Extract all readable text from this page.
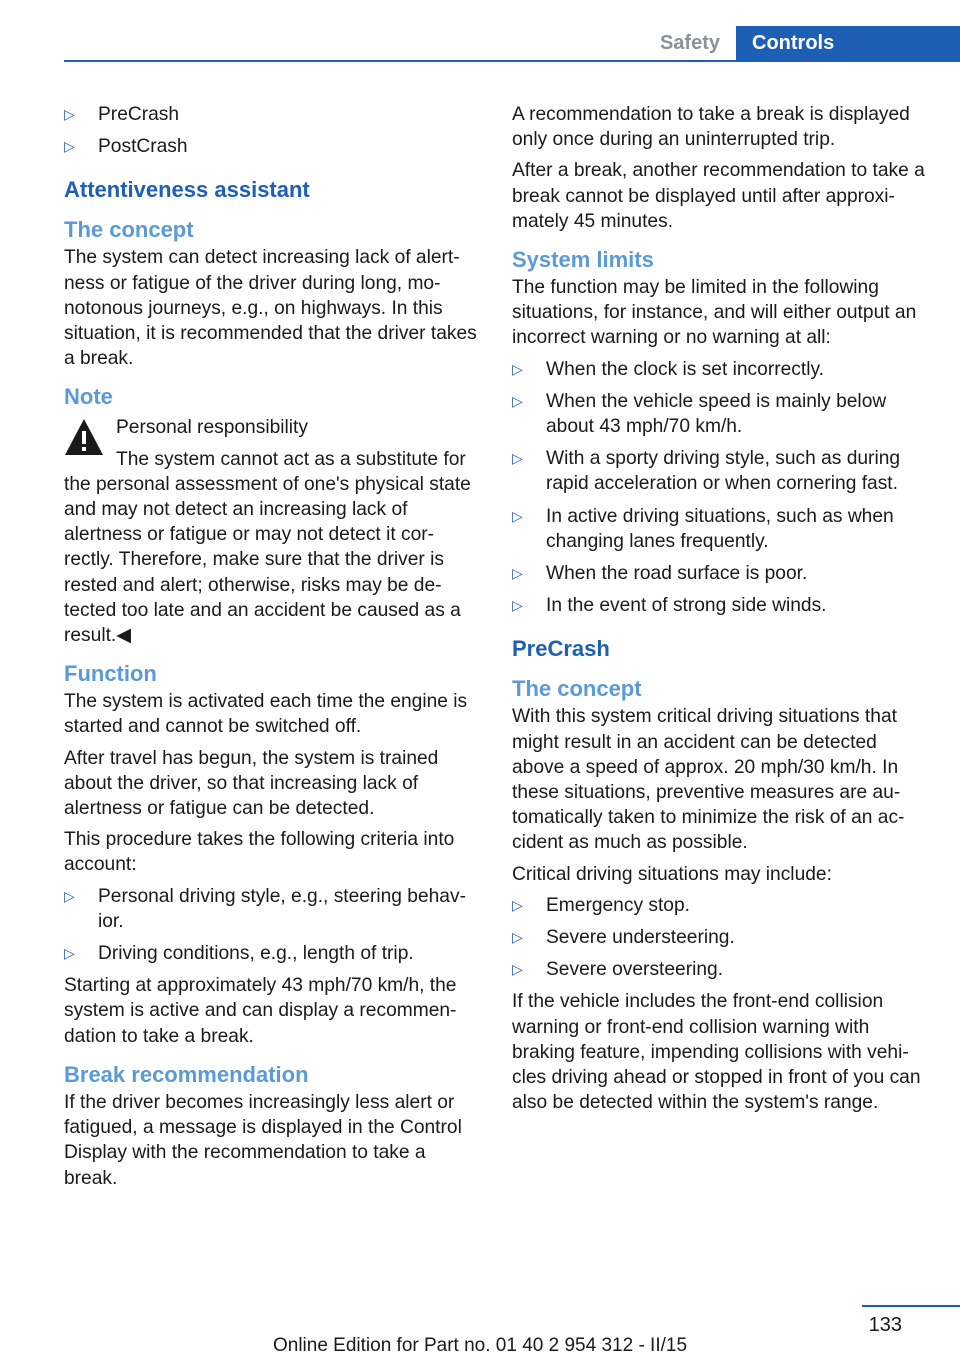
Safety	Controls
▷ PreCrash
▷ PostCrash
Attentiveness assistant
The concept

The system can detect increasing lack of alert‐ness or fatigue of the driver during long, mo‐notonous journeys, e.g., on highways. In this situation, it is recommended that the driver takes a break.

Note

Personal responsibility

The system cannot act as a substitute for the personal assessment of one's physical state and may not detect an increasing lack of alertness or fatigue or may not detect it cor‐rectly. Therefore, make sure that the driver is rested and alert; otherwise, risks may be de‐tected too late and an accident be caused as a result.◀

Function

The system is activated each time the engine is started and cannot be switched off.

After travel has begun, the system is trained about the driver, so that increasing lack of alertness or fatigue can be detected.

This procedure takes the following criteria into account:

▷ Personal driving style, e.g., steering behav‐ior.
▷ Driving conditions, e.g., length of trip.

Starting at approximately 43 mph/70 km/h, the system is active and can display a recommen‐dation to take a break.

Break recommendation

If the driver becomes increasingly less alert or fatigued, a message is displayed in the Control Display with the recommendation to take a break.

A recommendation to take a break is displayed only once during an uninterrupted trip.

After a break, another recommendation to take a break cannot be displayed until after approxi‐mately 45 minutes.

System limits

The function may be limited in the following situations, for instance, and will either output an incorrect warning or no warning at all:

▷ When the clock is set incorrectly.
▷ When the vehicle speed is mainly below about 43 mph/70 km/h.
▷ With a sporty driving style, such as during rapid acceleration or when cornering fast.
▷ In active driving situations, such as when changing lanes frequently.
▷ When the road surface is poor.
▷ In the event of strong side winds.
PreCrash
The concept

With this system critical driving situations that might result in an accident can be detected above a speed of approx. 20 mph/30 km/h. In these situations, preventive measures are au‐tomatically taken to minimize the risk of an ac‐cident as much as possible.

Critical driving situations may include:

▷ Emergency stop.
▷ Severe understeering.
▷ Severe oversteering.

If the vehicle includes the front-end collision warning or front-end collision warning with braking feature, impending collisions with vehi‐cles driving ahead or stopped in front of you can also be detected within the system's range.

133
Online Edition for Part no. 01 40 2 954 312 - II/15
